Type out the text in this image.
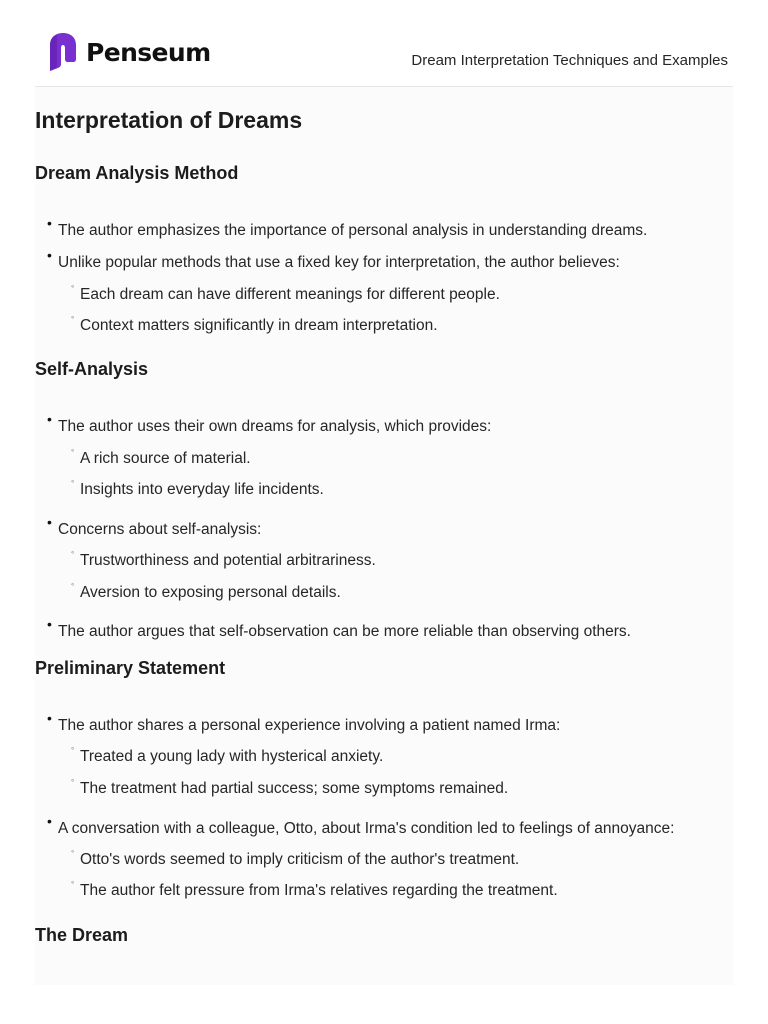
Penseum	Dream Interpretation Techniques and Examples
Interpretation of Dreams
Dream Analysis Method
• The author emphasizes the importance of personal analysis in understanding dreams.
• Unlike popular methods that use a fixed key for interpretation, the author believes:
◦ Each dream can have different meanings for different people.
◦ Context matters significantly in dream interpretation.
Self-Analysis
• The author uses their own dreams for analysis, which provides:
◦ A rich source of material.
◦ Insights into everyday life incidents.
• Concerns about self-analysis:
◦ Trustworthiness and potential arbitrariness.
◦ Aversion to exposing personal details.
• The author argues that self-observation can be more reliable than observing others.
Preliminary Statement
• The author shares a personal experience involving a patient named Irma:
◦ Treated a young lady with hysterical anxiety.
◦ The treatment had partial success; some symptoms remained.
• A conversation with a colleague, Otto, about Irma's condition led to feelings of annoyance:
◦ Otto's words seemed to imply criticism of the author's treatment.
◦ The author felt pressure from Irma's relatives regarding the treatment.
The Dream
